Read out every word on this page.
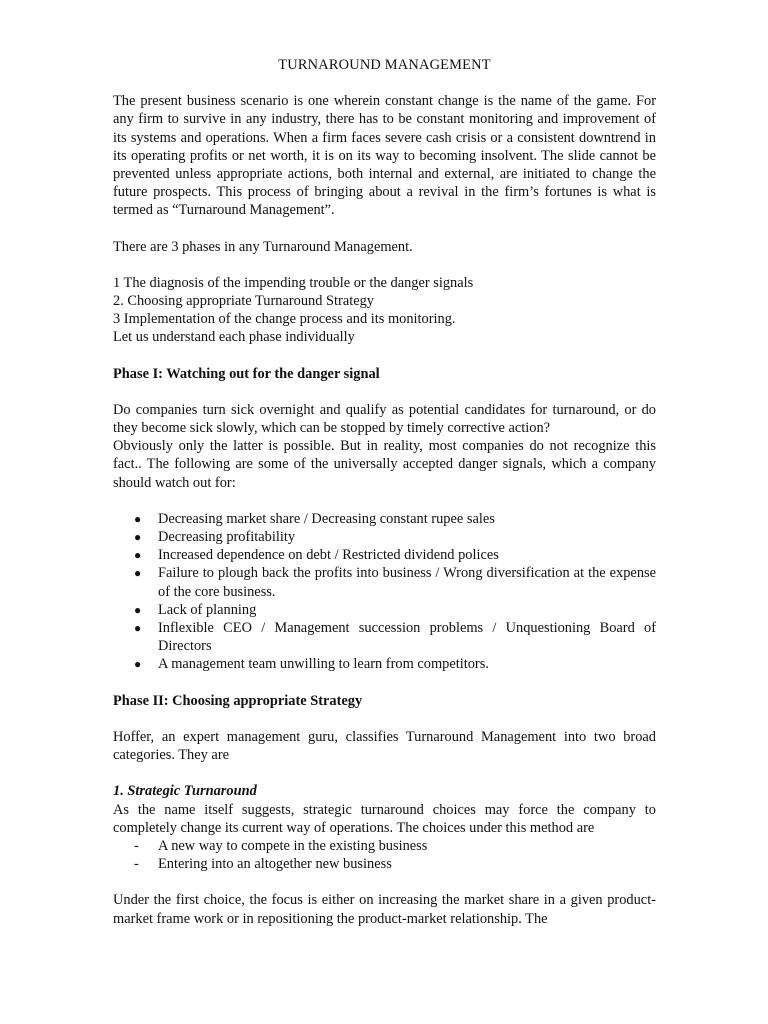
TURNAROUND MANAGEMENT

The present business scenario is one wherein constant change is the name of the game. For any firm to survive in any industry, there has to be constant monitoring and improvement of its systems and operations. When a firm faces severe cash crisis or a consistent downtrend in its operating profits or net worth, it is on its way to becoming insolvent. The slide cannot be prevented unless appropriate actions, both internal and external, are initiated to change the future prospects. This process of bringing about a revival in the firm’s fortunes is what is termed as “Turnaround Management”.

There are 3 phases in any Turnaround Management.

1 The diagnosis of the impending trouble or the danger signals
2. Choosing appropriate Turnaround Strategy
3 Implementation of the change process and its monitoring.
Let us understand each phase individually
Phase I: Watching out for the danger signal

Do companies turn sick overnight and qualify as potential candidates for turnaround, or do they become sick slowly, which can be stopped by timely corrective action?

Obviously only the latter is possible. But in reality, most companies do not recognize this fact.. The following are some of the universally accepted danger signals, which a company should watch out for:

● Decreasing market share / Decreasing constant rupee sales
● Decreasing profitability
● Increased dependence on debt / Restricted dividend polices
● Failure to plough back the profits into business / Wrong diversification at the expense of the core business.
● Lack of planning
● Inflexible CEO / Management succession problems / Unquestioning Board of Directors
● A management team unwilling to learn from competitors.
Phase II: Choosing appropriate Strategy

Hoffer, an expert management guru, classifies Turnaround Management into two broad categories. They are

1. Strategic Turnaround

As the name itself suggests, strategic turnaround choices may force the company to completely change its current way of operations. The choices under this method are

- A new way to compete in the existing business
- Entering into an altogether new business

Under the first choice, the focus is either on increasing the market share in a given product-market frame work or in repositioning the product-market relationship. The
